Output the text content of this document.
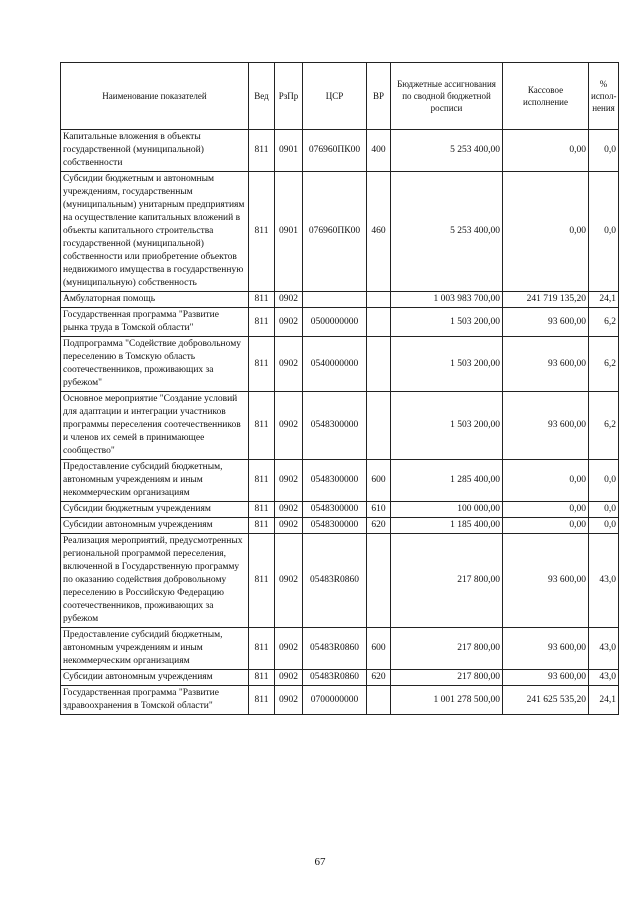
Наименование показателей	Вед	РзПр	ЦСР	ВР	Бюджетные ассигнования по сводной бюджетной росписи	Кассовое исполнение	% испол-нения
Капитальные вложения в объекты государственной (муниципальной) собственности	811	0901	076960ПК00	400	5 253 400,00	0,00	0,0
Субсидии бюджетным и автономным учреждениям, государственным (муниципальным) унитарным предприятиям на осуществление капитальных вложений в объекты капитального строительства государственной (муниципальной) собственности или приобретение объектов недвижимого имущества в государственную (муниципальную) собственность	811	0901	076960ПК00	460	5 253 400,00	0,00	0,0
Амбулаторная помощь	811	0902			1 003 983 700,00	241 719 135,20	24,1
Государственная программа "Развитие рынка труда в Томской области"	811	0902	0500000000		1 503 200,00	93 600,00	6,2
Подпрограмма "Содействие добровольному переселению в Томскую область соотечественников, проживающих за рубежом"	811	0902	0540000000		1 503 200,00	93 600,00	6,2
Основное мероприятие "Создание условий для адаптации и интеграции участников программы переселения соотечественников и членов их семей в принимающее сообщество"	811	0902	0548300000		1 503 200,00	93 600,00	6,2
Предоставление субсидий бюджетным, автономным учреждениям и иным некоммерческим организациям	811	0902	0548300000	600	1 285 400,00	0,00	0,0
Субсидии бюджетным учреждениям	811	0902	0548300000	610	100 000,00	0,00	0,0
Субсидии автономным учреждениям	811	0902	0548300000	620	1 185 400,00	0,00	0,0
Реализация мероприятий, предусмотренных региональной программой переселения, включенной в Государственную программу по оказанию содействия добровольному переселению в Российскую Федерацию соотечественников, проживающих за рубежом	811	0902	05483R0860		217 800,00	93 600,00	43,0
Предоставление субсидий бюджетным, автономным учреждениям и иным некоммерческим организациям	811	0902	05483R0860	600	217 800,00	93 600,00	43,0
Субсидии автономным учреждениям	811	0902	05483R0860	620	217 800,00	93 600,00	43,0
Государственная программа "Развитие здравоохранения в Томской области"	811	0902	0700000000		1 001 278 500,00	241 625 535,20	24,1
67
